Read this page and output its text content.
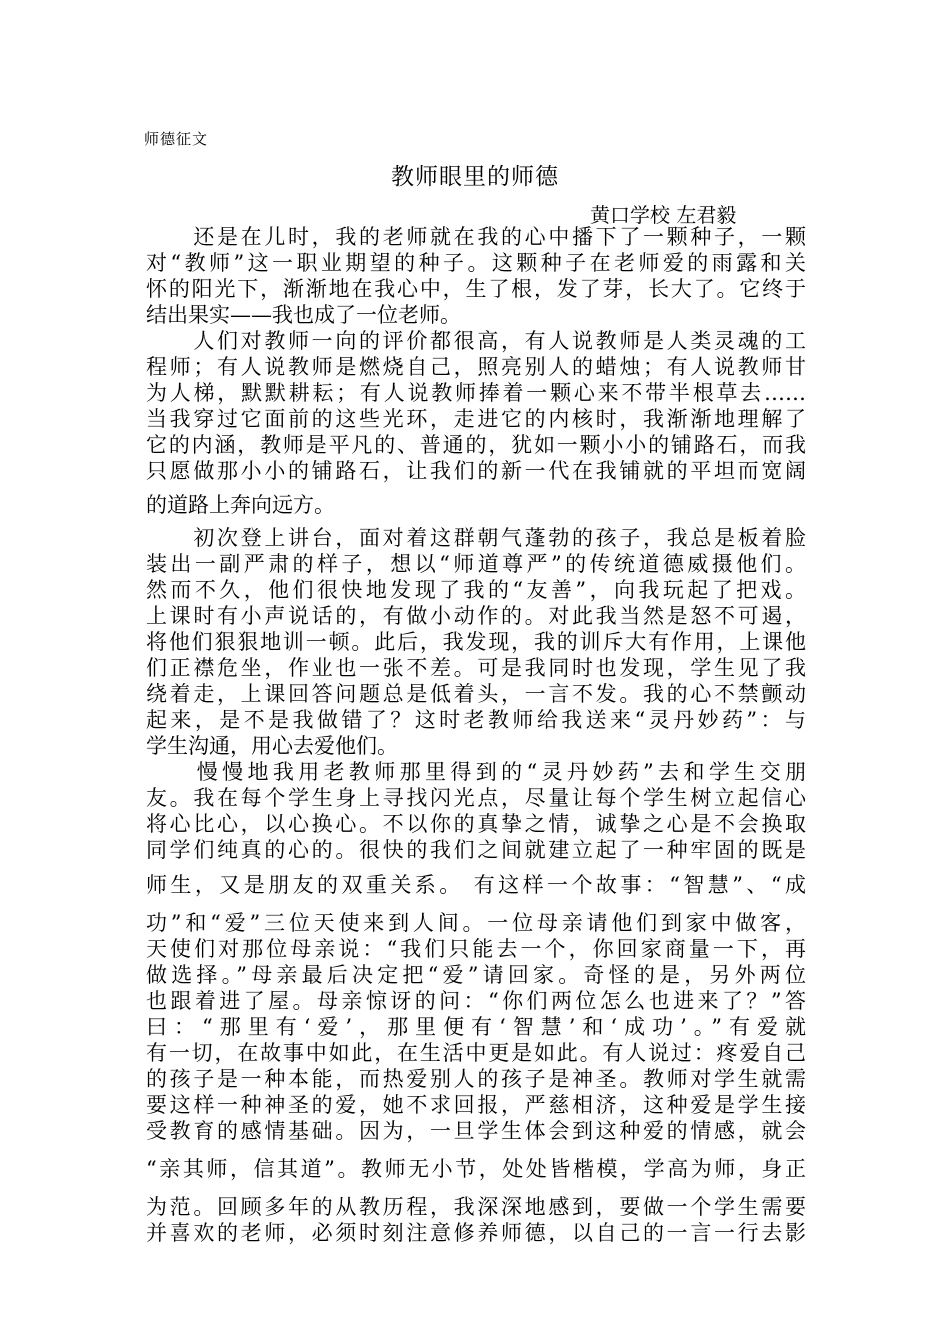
师德征文
教师眼里的师德
黄口学校 左君毅
　　还是在儿时，我的老师就在我的心中播下了一颗种子，一颗
对“教师”这一职业期望的种子。这颗种子在老师爱的雨露和关
怀的阳光下，渐渐地在我心中，生了根，发了芽，长大了。它终于
结出果实——我也成了一位老师。
　　人们对教师一向的评价都很高，有人说教师是人类灵魂的工
程师；有人说教师是燃烧自己，照亮别人的蜡烛；有人说教师甘
为人梯，默默耕耘；有人说教师捧着一颗心来不带半根草去……
当我穿过它面前的这些光环，走进它的内核时，我渐渐地理解了
它的内涵，教师是平凡的、普通的，犹如一颗小小的铺路石，而我
只愿做那小小的铺路石，让我们的新一代在我铺就的平坦而宽阔
的道路上奔向远方。
　　初次登上讲台，面对着这群朝气蓬勃的孩子，我总是板着脸
装出一副严肃的样子，想以“师道尊严”的传统道德威摄他们。
然而不久，他们很快地发现了我的“友善”，向我玩起了把戏。
上课时有小声说话的，有做小动作的。对此我当然是怒不可遏，
将他们狠狠地训一顿。此后，我发现，我的训斥大有作用，上课他
们正襟危坐，作业也一张不差。可是我同时也发现，学生见了我
绕着走，上课回答问题总是低着头，一言不发。我的心不禁颤动
起来，是不是我做错了？这时老教师给我送来“灵丹妙药”：与
学生沟通，用心去爱他们。
　　慢慢地我用老教师那里得到的“灵丹妙药”去和学生交朋
友。我在每个学生身上寻找闪光点，尽量让每个学生树立起信心
将心比心，以心换心。不以你的真挚之情，诚挚之心是不会换取
同学们纯真的心的。很快的我们之间就建立起了一种牢固的既是
师生，又是朋友的双重关系。 有这样一个故事：“智慧”、“成
功”和“爱”三位天使来到人间。一位母亲请他们到家中做客，
天使们对那位母亲说：“我们只能去一个，你回家商量一下，再
做选择。”母亲最后决定把“爱”请回家。奇怪的是，另外两位
也跟着进了屋。母亲惊讶的问：“你们两位怎么也进来了？”答
曰：“那里有‘爱’，那里便有‘智慧’和‘成功’。”有爱就
有一切，在故事中如此，在生活中更是如此。有人说过：疼爱自己
的孩子是一种本能，而热爱别人的孩子是神圣。教师对学生就需
要这样一种神圣的爱，她不求回报，严慈相济，这种爱是学生接
受教育的感情基础。因为，一旦学生体会到这种爱的情感，就会
“亲其师，信其道”。教师无小节，处处皆楷模，学高为师，身正
为范。回顾多年的从教历程，我深深地感到，要做一个学生需要
并喜欢的老师，必须时刻注意修养师德，以自己的一言一行去影
